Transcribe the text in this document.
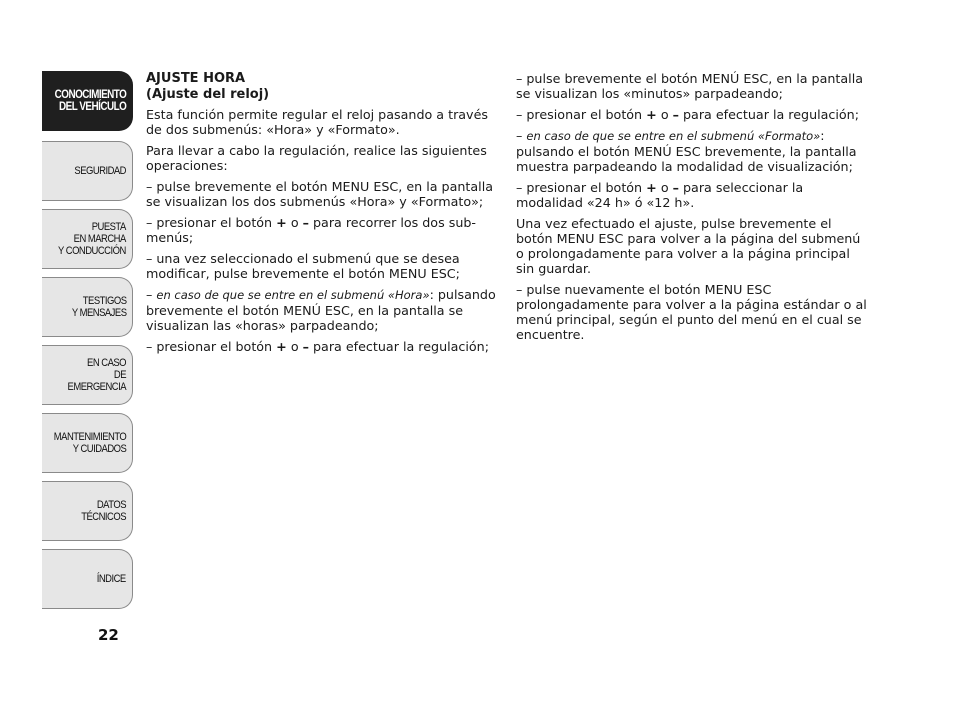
CONOCIMIENTO
DEL VEHÍCULO
SEGURIDAD
PUESTA
EN MARCHA
Y CONDUCCIÓN
TESTIGOS
Y MENSAJES
EN CASO
DE EMERGENCIA
MANTENIMIENTO
Y CUIDADOS
DATOS TÉCNICOS
ÍNDICE
22
AJUSTE HORA
(Ajuste del reloj)

Esta función permite regular el reloj pasando a través de dos submenús: «Hora» y «Formato».

Para llevar a cabo la regulación, realice las siguientes operaciones:

– pulse brevemente el botón MENU ESC, en la pantalla se visualizan los dos submenús «Hora» y «Formato»;

– presionar el botón + o – para recorrer los dos sub-menús;

– una vez seleccionado el submenú que se desea modificar, pulse brevemente el botón MENU ESC;

– en caso de que se entre en el submenú «Hora»: pulsando brevemente el botón MENÚ ESC, en la pantalla se visualizan las «horas» parpadeando;

– presionar el botón + o – para efectuar la regulación;

– pulse brevemente el botón MENÚ ESC, en la pantalla se visualizan los «minutos» parpadeando;

– presionar el botón + o – para efectuar la regulación;

– en caso de que se entre en el submenú «Formato»: pulsando el botón MENÚ ESC brevemente, la pantalla muestra parpadeando la modalidad de visualización;

– presionar el botón + o – para seleccionar la modalidad «24 h» ó «12 h».

Una vez efectuado el ajuste, pulse brevemente el botón MENU ESC para volver a la página del submenú o prolongadamente para volver a la página principal sin guardar.

– pulse nuevamente el botón MENU ESC prolongadamente para volver a la página estándar o al menú principal, según el punto del menú en el cual se encuentre.
